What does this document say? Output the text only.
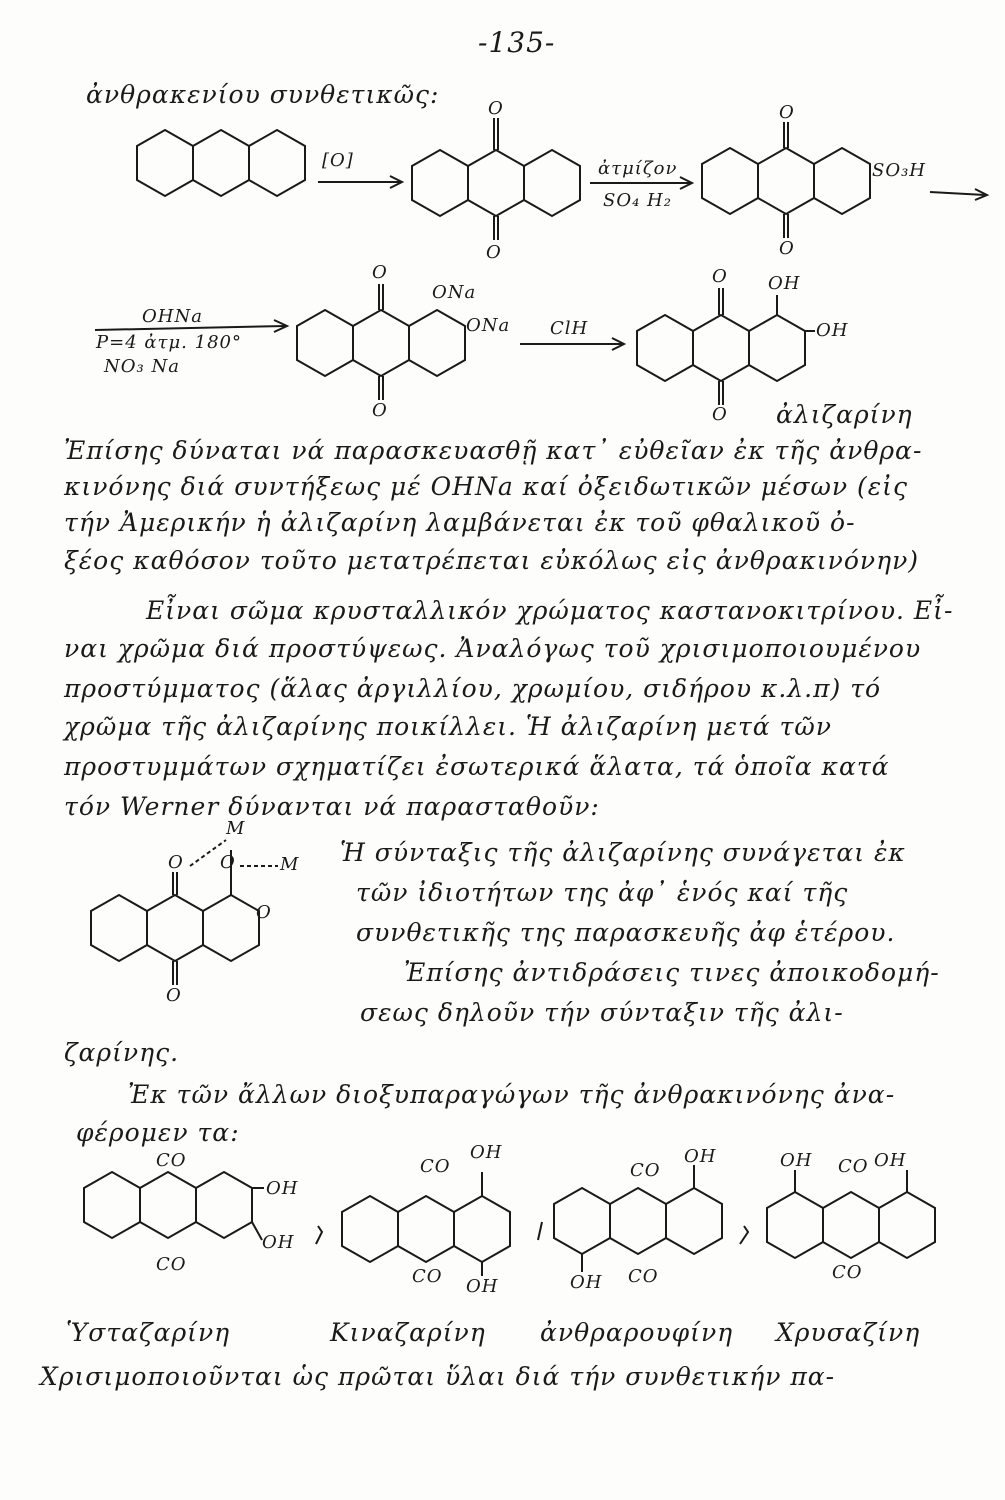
-135-
ἀνθρακενίου συνθετικῶς:
[O]
O
O
ἀτμίζον
SO₄ H₂
O
O
SO₃H
OHNa
P=4 ἀτμ. 180°
NO₃ Na
O
O
ONa
ONa ClH
O
O
OH
OH
ἀλιζαρίνη
Ἐπίσης δύναται νά παρασκευασθῇ κατ᾽ εὐθεῖαν ἐκ τῆς ἀνθρα-
κινόνης διά συντήξεως μέ OHNa καί ὀξειδωτικῶν μέσων (εἰς
τήν Ἀμερικήν ἡ ἀλιζαρίνη λαμβάνεται ἐκ τοῦ φθαλικοῦ ὀ-
ξέος καθόσον τοῦτο μετατρέπεται εὐκόλως εἰς ἀνθρακινόνην)
Εἶναι σῶμα κρυσταλλικόν χρώματος καστανοκιτρίνου. Εἶ-
ναι χρῶμα διά προστύψεως. Ἀναλόγως τοῦ χρισιμοποιουμένου
προστύμματος (ἅλας ἀργιλλίου, χρωμίου, σιδήρου κ.λ.π) τό
χρῶμα τῆς ἀλιζαρίνης ποικίλλει. Ἡ ἀλιζαρίνη μετά τῶν
προστυμμάτων σχηματίζει ἐσωτερικά ἅλατα, τά ὁποῖα κατά
τόν Werner δύνανται νά παρασταθοῦν:
M
M
O O
O
O
Ἡ σύνταξις τῆς ἀλιζαρίνης συνάγεται ἐκ
τῶν ἰδιοτήτων της ἀφ᾽ ἑνός καί τῆς
συνθετικῆς της παρασκευῆς ἀφ ἑτέρου.
Ἐπίσης ἀντιδράσεις τινες ἀποικοδομή-
σεως δηλοῦν τήν σύνταξιν τῆς ἀλι-
ζαρίνης.
Ἐκ τῶν ἄλλων διοξυπαραγώγων τῆς ἀνθρακινόνης ἀνα-
φέρομεν τα:
CO
CO
OH
OH
CO
OH
CO OH
CO
OH
CO
OH
OH CO OH
CO
Ὑσταζαρίνη	Κιναζαρίνη ἀνθραρουφίνη Χρυσαζίνη
Χρισιμοποιοῦνται ὡς πρῶται ὕλαι διά τήν συνθετικήν πα-
